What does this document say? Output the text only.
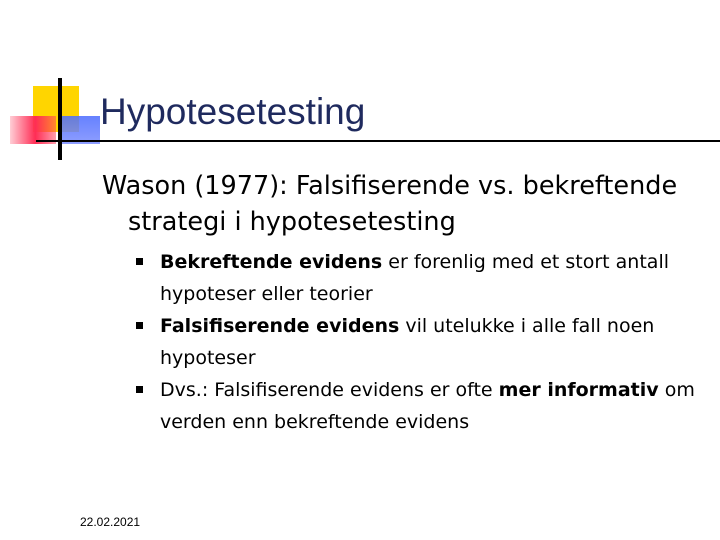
Hypotesetesting
Wason (1977): Falsifiserende vs. bekreftende strategi i hypotesetesting
Bekreftende evidens er forenlig med et stort antall hypoteser eller teorier
Falsifiserende evidens vil utelukke i alle fall noen hypoteser
Dvs.: Falsifiserende evidens er ofte mer informativ om verden enn bekreftende evidens
22.02.2021
